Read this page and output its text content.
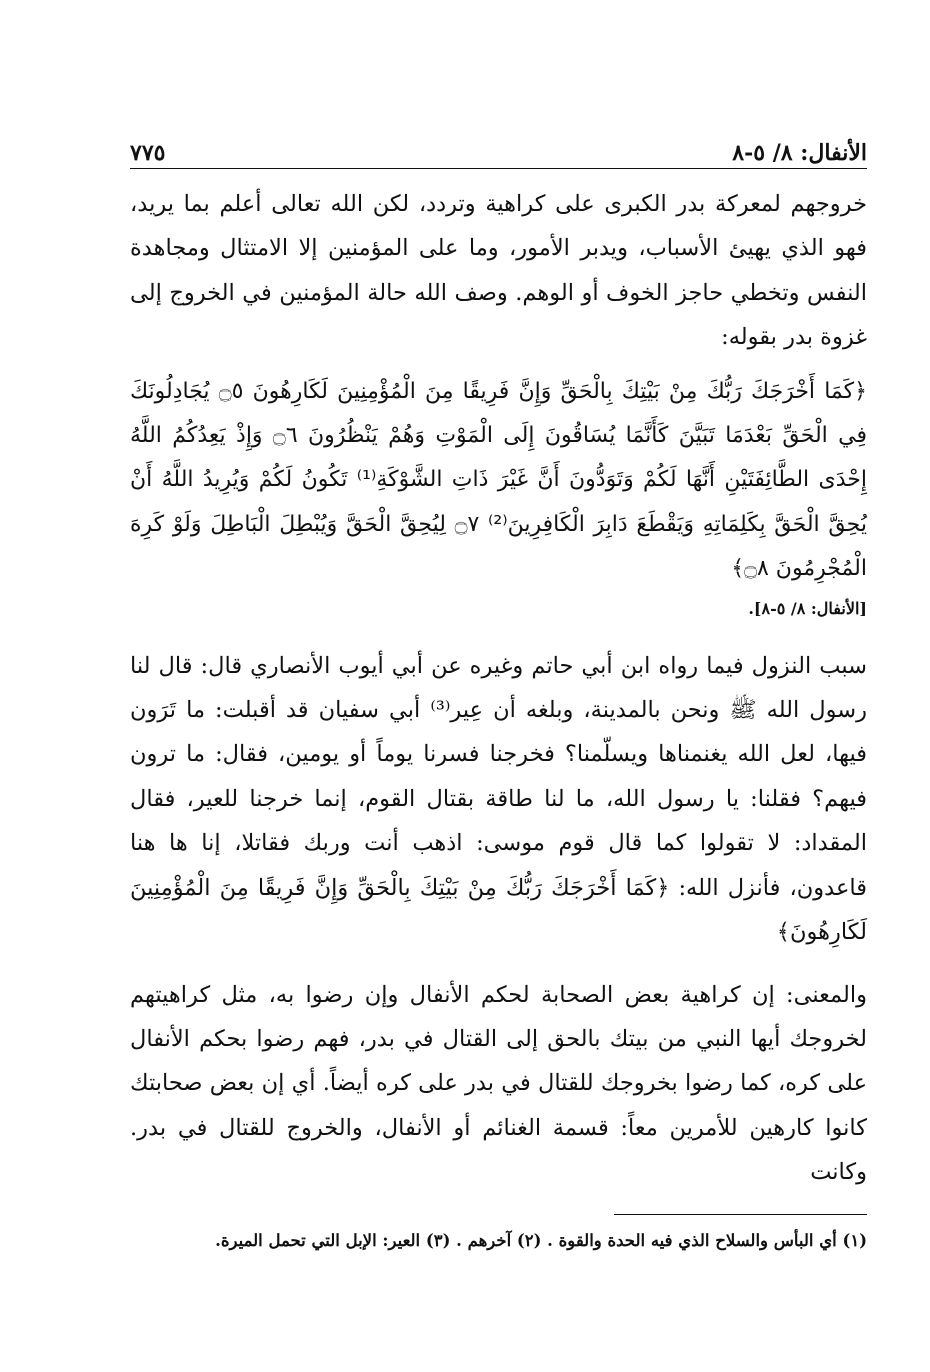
٧٧٥	الأنفال: ٨/ ٥-٨

خروجهم لمعركة بدر الكبرى على كراهية وتردد، لكن الله تعالى أعلم بما يريد، فهو الذي يهيئ الأسباب، ويدبر الأمور، وما على المؤمنين إلا الامتثال ومجاهدة النفس وتخطي حاجز الخوف أو الوهم. وصف الله حالة المؤمنين في الخروج إلى غزوة بدر بقوله:

﴿كَمَا أَخْرَجَكَ رَبُّكَ مِنْ بَيْتِكَ بِالْحَقِّ وَإِنَّ فَرِيقًا مِنَ الْمُؤْمِنِينَ لَكَارِهُونَ ۝٥ يُجَادِلُونَكَ فِي الْحَقِّ بَعْدَمَا تَبَيَّنَ كَأَنَّمَا يُسَاقُونَ إِلَى الْمَوْتِ وَهُمْ يَنْظُرُونَ ۝٦ وَإِذْ يَعِدُكُمُ اللَّهُ إِحْدَى الطَّائِفَتَيْنِ أَنَّهَا لَكُمْ وَتَوَدُّونَ أَنَّ غَيْرَ ذَاتِ الشَّوْكَةِ⁽¹⁾ تَكُونُ لَكُمْ وَيُرِيدُ اللَّهُ أَنْ يُحِقَّ الْحَقَّ بِكَلِمَاتِهِ وَيَقْطَعَ دَابِرَ الْكَافِرِينَ⁽²⁾ ۝٧ لِيُحِقَّ الْحَقَّ وَيُبْطِلَ الْبَاطِلَ وَلَوْ كَرِهَ الْمُجْرِمُونَ ۝٨﴾

[الأنفال: ٨/ ٥-٨].

سبب النزول فيما رواه ابن أبي حاتم وغيره عن أبي أيوب الأنصاري قال: قال لنا رسول الله ﷺ ونحن بالمدينة، وبلغه أن عِير⁽³⁾ أبي سفيان قد أقبلت: ما تَرَون فيها، لعل الله يغنمناها ويسلّمنا؟ فخرجنا فسرنا يوماً أو يومين، فقال: ما ترون فيهم؟ فقلنا: يا رسول الله، ما لنا طاقة بقتال القوم، إنما خرجنا للعير، فقال المقداد: لا تقولوا كما قال قوم موسى: اذهب أنت وربك فقاتلا، إنا ها هنا قاعدون، فأنزل الله: ﴿كَمَا أَخْرَجَكَ رَبُّكَ مِنْ بَيْتِكَ بِالْحَقِّ وَإِنَّ فَرِيقًا مِنَ الْمُؤْمِنِينَ لَكَارِهُونَ﴾

والمعنى: إن كراهية بعض الصحابة لحكم الأنفال وإن رضوا به، مثل كراهيتهم لخروجك أيها النبي من بيتك بالحق إلى القتال في بدر، فهم رضوا بحكم الأنفال على كره، كما رضوا بخروجك للقتال في بدر على كره أيضاً. أي إن بعض صحابتك كانوا كارهين للأمرين معاً: قسمة الغنائم أو الأنفال، والخروج للقتال في بدر. وكانت

(١) أي البأس والسلاح الذي فيه الحدة والقوة . (٢) آخرهم . (٣) العير: الإبل التي تحمل الميرة.
